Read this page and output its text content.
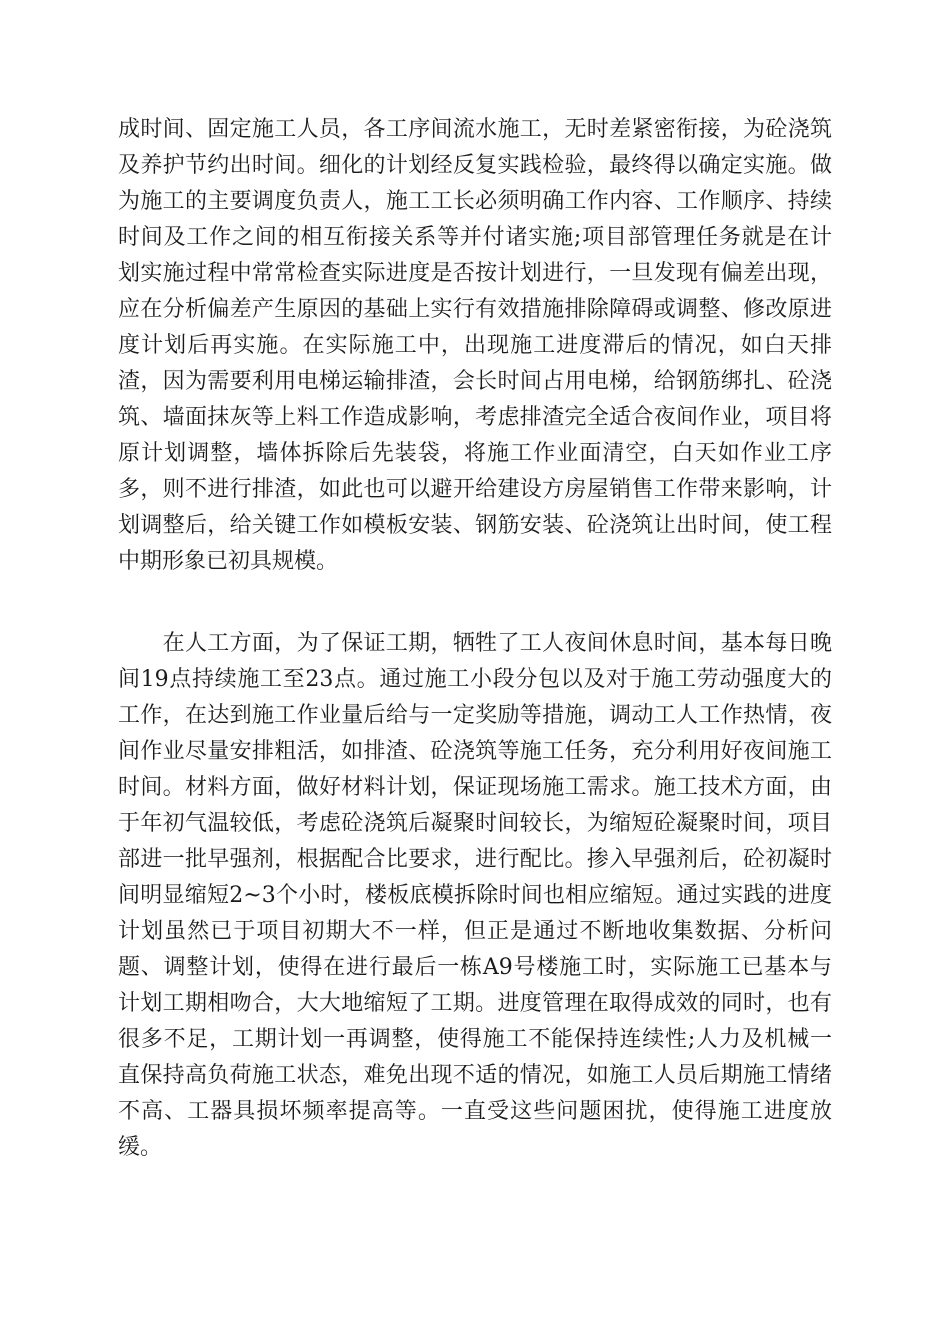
成时间、固定施工人员，各工序间流水施工，无时差紧密衔接，为砼浇筑
及养护节约出时间。细化的计划经反复实践检验，最终得以确定实施。做
为施工的主要调度负责人，施工工长必须明确工作内容、工作顺序、持续
时间及工作之间的相互衔接关系等并付诸实施;项目部管理任务就是在计
划实施过程中常常检查实际进度是否按计划进行，一旦发现有偏差出现，
应在分析偏差产生原因的基础上实行有效措施排除障碍或调整、修改原进
度计划后再实施。在实际施工中，出现施工进度滞后的情况，如白天排
渣，因为需要利用电梯运输排渣，会长时间占用电梯，给钢筋绑扎、砼浇
筑、墙面抹灰等上料工作造成影响，考虑排渣完全适合夜间作业，项目将
原计划调整，墙体拆除后先装袋，将施工作业面清空，白天如作业工序
多，则不进行排渣，如此也可以避开给建设方房屋销售工作带来影响，计
划调整后，给关键工作如模板安装、钢筋安装、砼浇筑让出时间，使工程
中期形象已初具规模。
　　在人工方面，为了保证工期，牺牲了工人夜间休息时间，基本每日晚
间19点持续施工至23点。通过施工小段分包以及对于施工劳动强度大的
工作，在达到施工作业量后给与一定奖励等措施，调动工人工作热情，夜
间作业尽量安排粗活，如排渣、砼浇筑等施工任务，充分利用好夜间施工
时间。材料方面，做好材料计划，保证现场施工需求。施工技术方面，由
于年初气温较低，考虑砼浇筑后凝聚时间较长，为缩短砼凝聚时间，项目
部进一批早强剂，根据配合比要求，进行配比。掺入早强剂后，砼初凝时
间明显缩短2~3个小时，楼板底模拆除时间也相应缩短。通过实践的进度
计划虽然已于项目初期大不一样，但正是通过不断地收集数据、分析问
题、调整计划，使得在进行最后一栋A9号楼施工时，实际施工已基本与
计划工期相吻合，大大地缩短了工期。进度管理在取得成效的同时，也有
很多不足，工期计划一再调整，使得施工不能保持连续性;人力及机械一
直保持高负荷施工状态，难免出现不适的情况，如施工人员后期施工情绪
不高、工器具损坏频率提高等。一直受这些问题困扰，使得施工进度放
缓。
